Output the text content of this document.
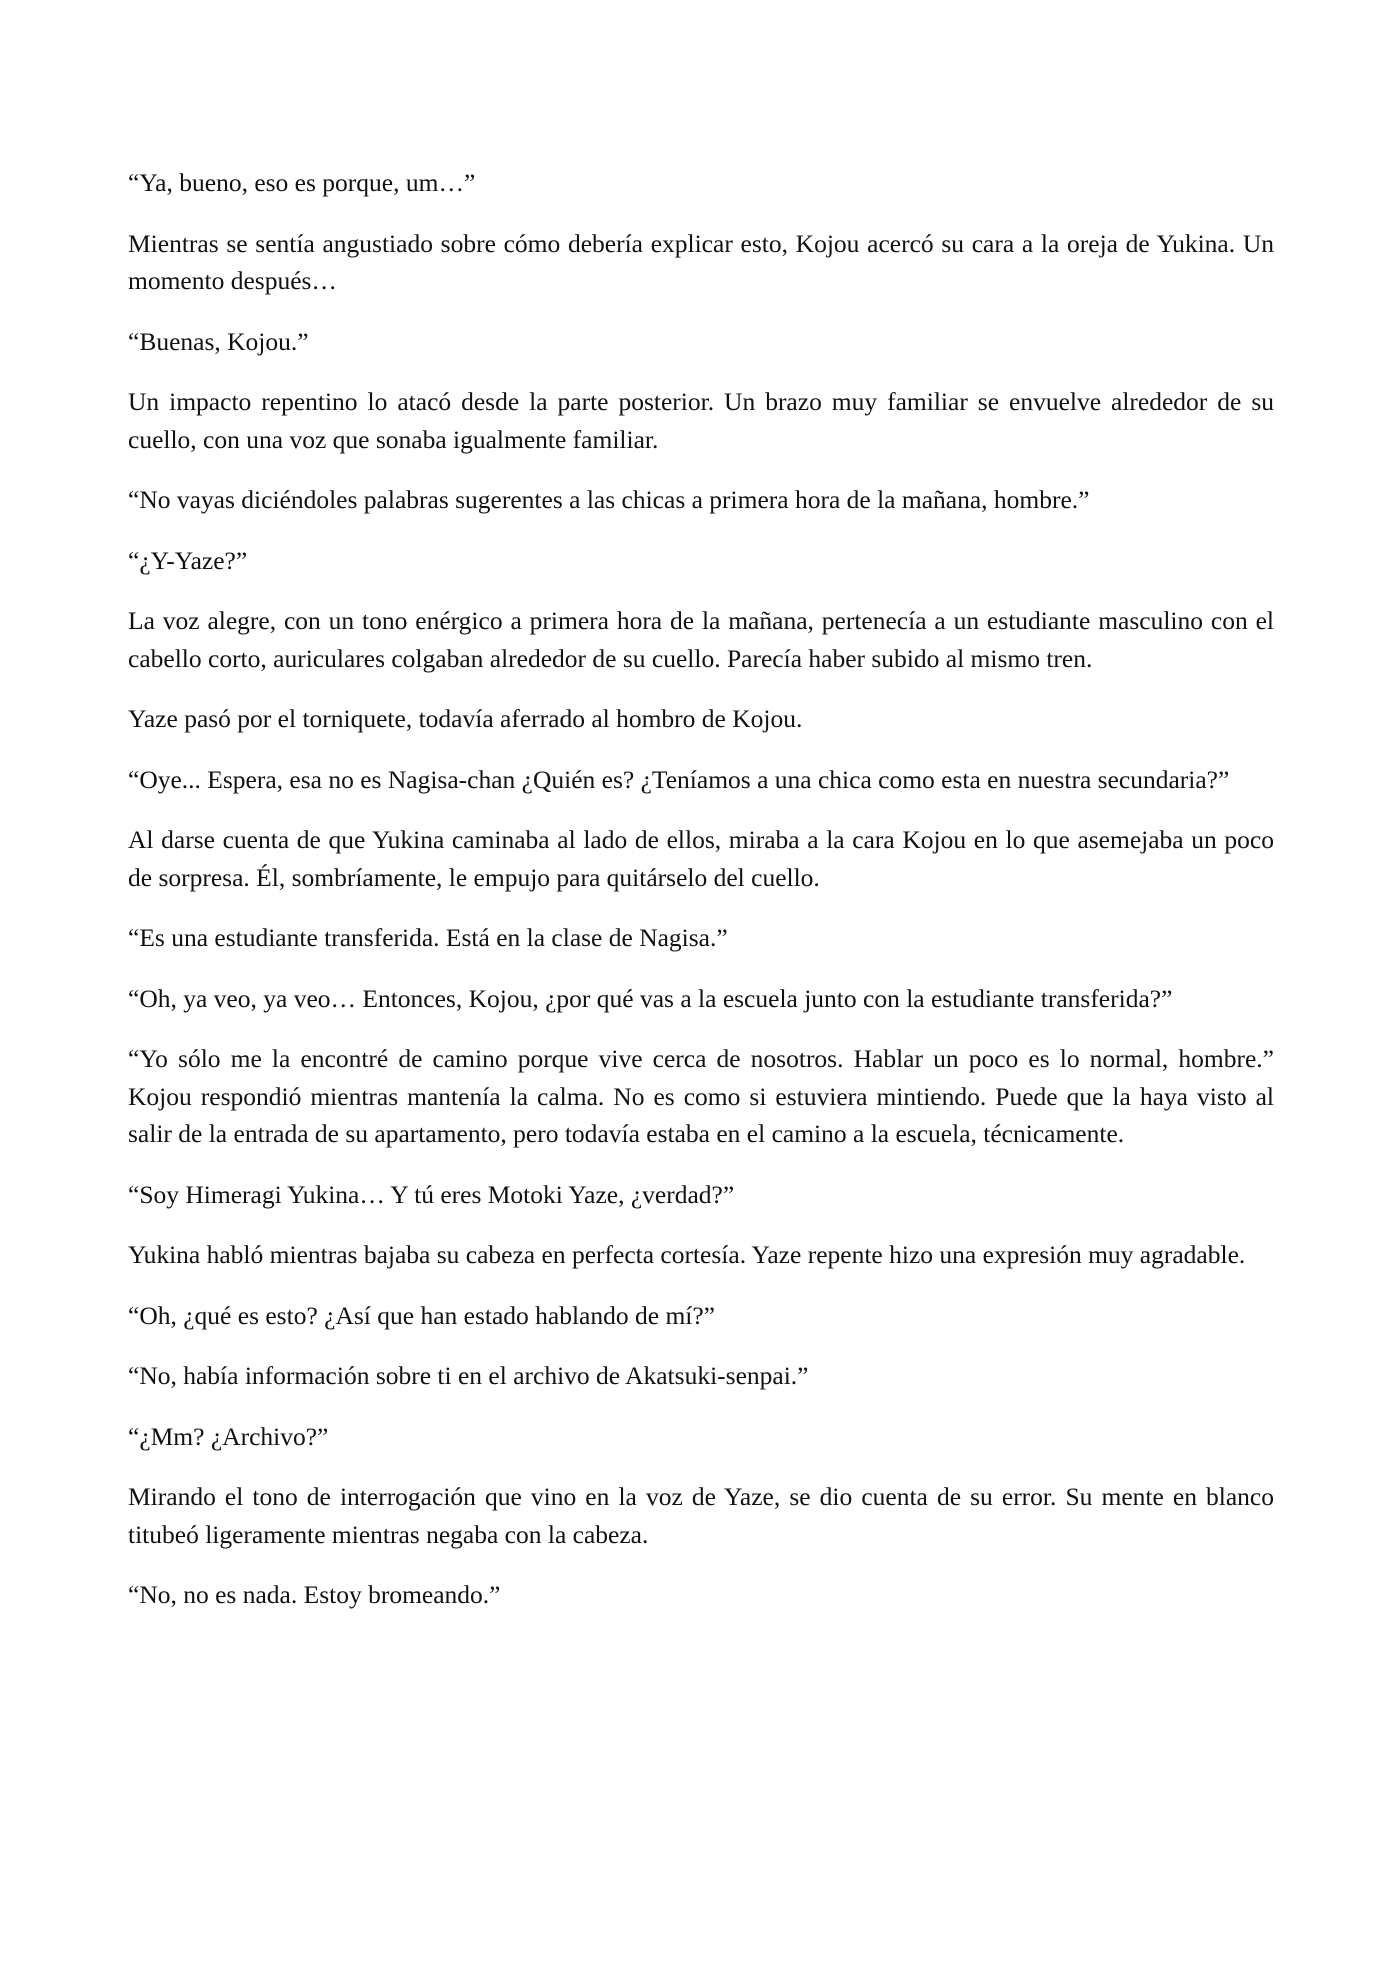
“Ya, bueno, eso es porque, um…”

Mientras se sentía angustiado sobre cómo debería explicar esto, Kojou acercó su cara a la oreja de Yukina. Un momento después…

“Buenas, Kojou.”

Un impacto repentino lo atacó desde la parte posterior. Un brazo muy familiar se envuelve alrededor de su cuello, con una voz que sonaba igualmente familiar.

“No vayas diciéndoles palabras sugerentes a las chicas a primera hora de la mañana, hombre.”

“¿Y-Yaze?”

La voz alegre, con un tono enérgico a primera hora de la mañana, pertenecía a un estudiante masculino con el cabello corto, auriculares colgaban alrededor de su cuello. Parecía haber subido al mismo tren.

Yaze pasó por el torniquete, todavía aferrado al hombro de Kojou.

“Oye... Espera, esa no es Nagisa-chan ¿Quién es? ¿Teníamos a una chica como esta en nuestra secundaria?”

Al darse cuenta de que Yukina caminaba al lado de ellos, miraba a la cara Kojou en lo que asemejaba un poco de sorpresa. Él, sombríamente, le empujo para quitárselo del cuello.

“Es una estudiante transferida. Está en la clase de Nagisa.”

“Oh, ya veo, ya veo… Entonces, Kojou, ¿por qué vas a la escuela junto con la estudiante transferida?”

“Yo sólo me la encontré de camino porque vive cerca de nosotros. Hablar un poco es lo normal, hombre.” Kojou respondió mientras mantenía la calma. No es como si estuviera mintiendo. Puede que la haya visto al salir de la entrada de su apartamento, pero todavía estaba en el camino a la escuela, técnicamente.

“Soy Himeragi Yukina… Y tú eres Motoki Yaze, ¿verdad?”

Yukina habló mientras bajaba su cabeza en perfecta cortesía. Yaze repente hizo una expresión muy agradable.

“Oh, ¿qué es esto? ¿Así que han estado hablando de mí?”

“No, había información sobre ti en el archivo de Akatsuki-senpai.”

“¿Mm? ¿Archivo?”

Mirando el tono de interrogación que vino en la voz de Yaze, se dio cuenta de su error. Su mente en blanco titubeó ligeramente mientras negaba con la cabeza.

“No, no es nada. Estoy bromeando.”
